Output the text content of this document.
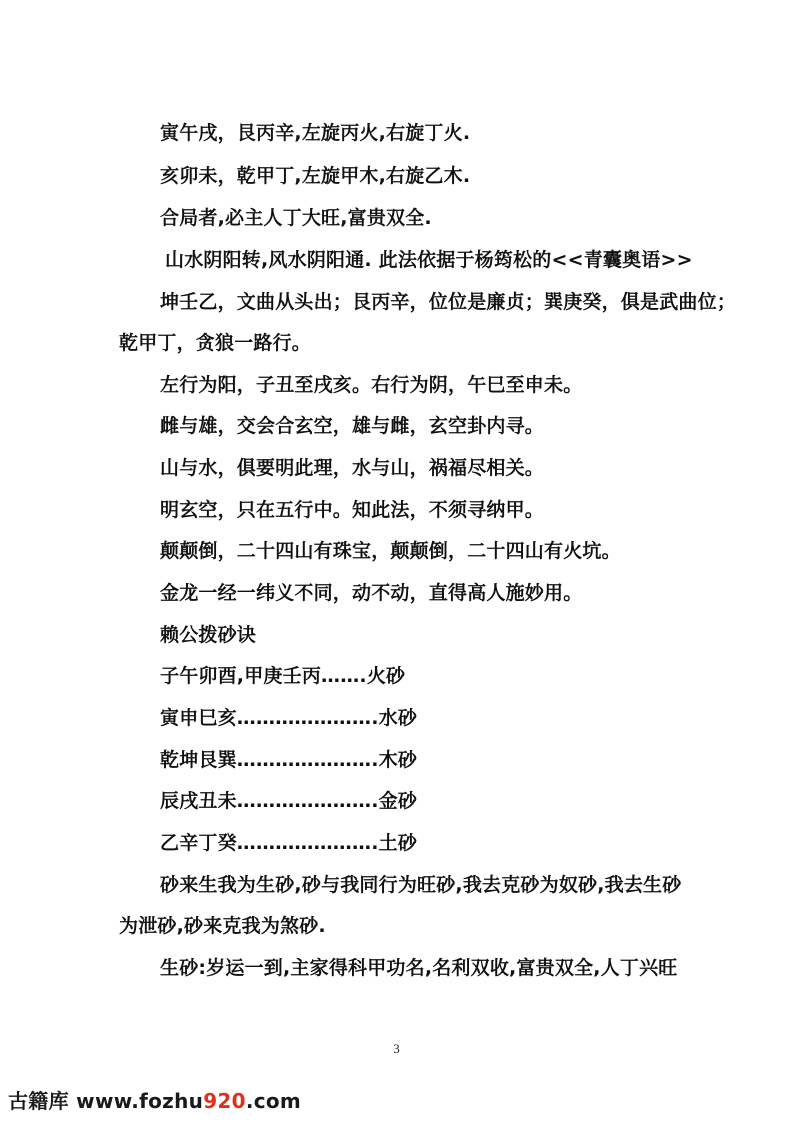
寅午戌，艮丙辛,左旋丙火,右旋丁火.
亥卯未，乾甲丁,左旋甲木,右旋乙木.
合局者,必主人丁大旺,富贵双全.
山水阴阳转,风水阴阳通. 此法依据于杨筠松的<<青囊奥语>>
坤壬乙，文曲从头出；艮丙辛，位位是廉贞；巽庚癸，俱是武曲位；
乾甲丁，贪狼一路行。
左行为阳，子丑至戌亥。右行为阴，午巳至申未。
雌与雄，交会合玄空，雄与雌，玄空卦内寻。
山与水，俱要明此理，水与山，祸福尽相关。
明玄空，只在五行中。知此法，不须寻纳甲。
颠颠倒，二十四山有珠宝，颠颠倒，二十四山有火坑。
金龙一经一纬义不同，动不动，直得高人施妙用。
赖公拨砂诀
子午卯酉,甲庚壬丙…….火砂
寅申巳亥………………….水砂
乾坤艮巽………………….木砂
辰戌丑未………………….金砂
乙辛丁癸………………….土砂
砂来生我为生砂,砂与我同行为旺砂,我去克砂为奴砂,我去生砂
为泄砂,砂来克我为煞砂.
生砂:岁运一到,主家得科甲功名,名利双收,富贵双全,人丁兴旺
3
古籍库 www.fozhu920.com
